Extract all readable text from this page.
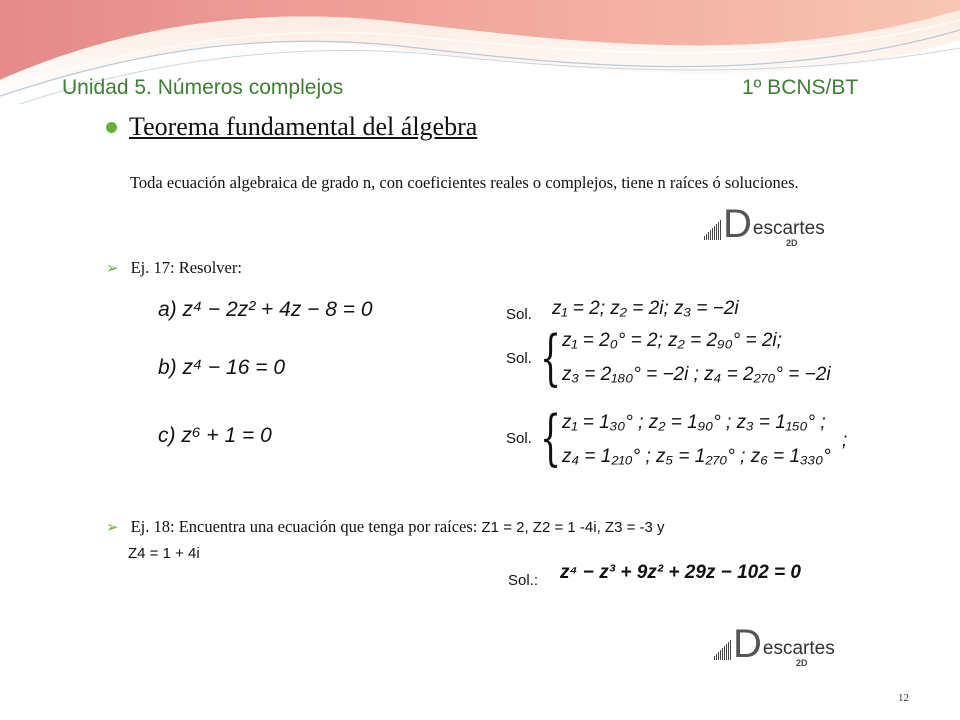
Unidad 5. Números complejos	1º BCNS/BT
Teorema fundamental del álgebra
Toda ecuación algebraica de grado n, con coeficientes reales o complejos, tiene n raíces ó soluciones.
D escartes
2D
➢ Ej. 17: Resolver:
a) z⁴ − 2z² + 4z − 8 = 0
b) z⁴ − 16 = 0
c) z⁶ + 1 = 0
Sol. z₁ = 2; z₂ = 2i; z₃ = −2i
Sol. { z₁ = 2₀° = 2; z₂ = 2₉₀° = 2i;
z₃ = 2₁₈₀° = −2i ; z₄ = 2₂₇₀° = −2i
Sol. { z₁ = 1₃₀° ; z₂ = 1₉₀° ; z₃ = 1₁₅₀° ;
z₄ = 1₂₁₀° ; z₅ = 1₂₇₀° ; z₆ = 1₃₃₀°
;
➢ Ej. 18: Encuentra una ecuación que tenga por raíces: Z1 = 2, Z2 = 1 -4i, Z3 = -3 y
Z4 = 1 + 4i
Sol.: z⁴ − z³ + 9z² + 29z − 102 = 0
D escartes
2D
12
